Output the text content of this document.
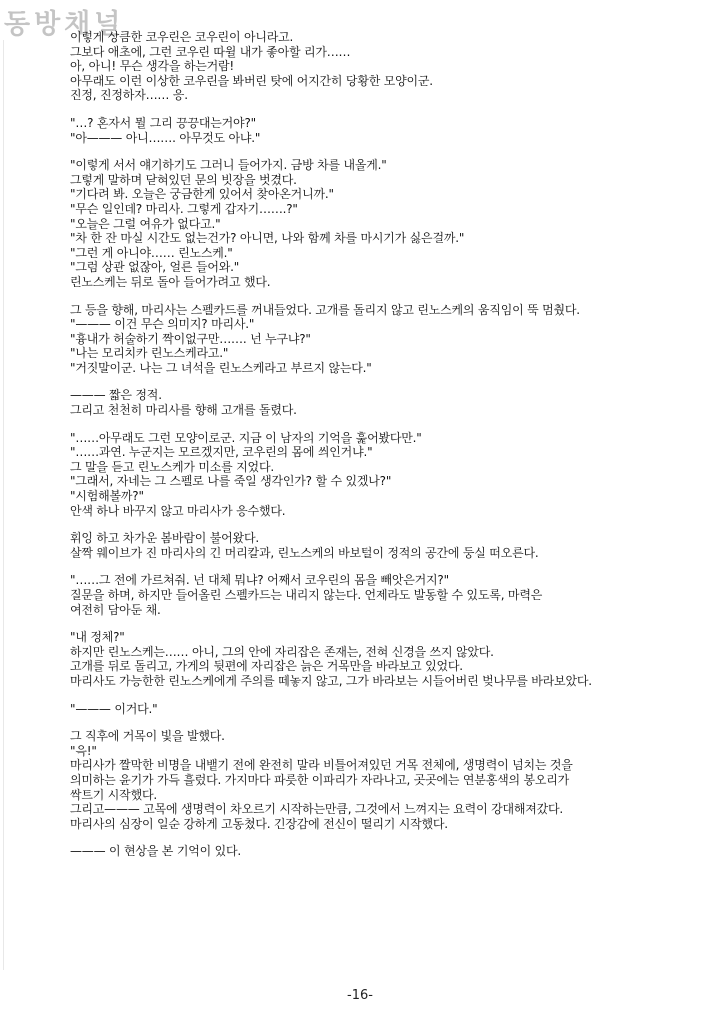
동방채널
이렇게 상큼한 코우린은 코우린이 아니라고.
그보다 애초에, 그런 코우린 따윌 내가 좋아할 리가……
아, 아니! 무슨 생각을 하는거람!
아무래도 이런 이상한 코우린을 봐버린 탓에 어지간히 당황한 모양이군.
진정, 진정하자…… 응.
"…? 혼자서 뭘 그리 끙끙대는거야?"
"아——— 아니……. 아무것도 아냐."
"이렇게 서서 얘기하기도 그러니 들어가지. 금방 차를 내올게."
그렇게 말하며 닫혀있던 문의 빗장을 벗겼다.
"기다려 봐. 오늘은 궁금한게 있어서 찾아온거니까."
"무슨 일인데? 마리사. 그렇게 갑자기…….?"
"오늘은 그럴 여유가 없다고."
"차 한 잔 마실 시간도 없는건가? 아니면, 나와 함께 차를 마시기가 싫은걸까."
"그런 게 아니야…… 린노스케."
"그럼 상관 없잖아, 얼른 들어와."
린노스케는 뒤로 돌아 들어가려고 했다.
그 등을 향해, 마리사는 스펠카드를 꺼내들었다. 고개를 돌리지 않고 린노스케의 움직임이 뚝 멈췄다.
"——— 이건 무슨 의미지? 마리사."
"흉내가 허술하기 짝이없구만……. 넌 누구냐?"
"나는 모리치카 린노스케라고."
"거짓말이군. 나는 그 녀석을 린노스케라고 부르지 않는다."
——— 짧은 정적.
그리고 천천히 마리사를 향해 고개를 돌렸다.
"……아무래도 그런 모양이로군. 지금 이 남자의 기억을 훑어봤다만."
"……과연. 누군지는 모르겠지만, 코우린의 몸에 씌인거냐."
그 말을 듣고 린노스케가 미소를 지었다.
"그래서, 자네는 그 스펠로 나를 죽일 생각인가? 할 수 있겠나?"
"시험해볼까?"
안색 하나 바꾸지 않고 마리사가 응수했다.
휘잉 하고 차가운 봄바람이 불어왔다.
살짝 웨이브가 진 마리사의 긴 머리칼과, 린노스케의 바보털이 정적의 공간에 둥실 떠오른다.
"……그 전에 가르쳐줘. 넌 대체 뭐냐? 어째서 코우린의 몸을 빼앗은거지?"
질문을 하며, 하지만 들어올린 스펠카드는 내리지 않는다. 언제라도 발동할 수 있도록, 마력은
여전히 담아둔 채.
"내 정체?"
하지만 린노스케는…… 아니, 그의 안에 자리잡은 존재는, 전혀 신경을 쓰지 않았다.
고개를 뒤로 돌리고, 가게의 뒷편에 자리잡은 늙은 거목만을 바라보고 있었다.
마리사도 가능한한 린노스케에게 주의를 떼놓지 않고, 그가 바라보는 시들어버린 벚나무를 바라보았다.
"——— 이거다."
그 직후에 거목이 빛을 발했다.
"윽!"
마리사가 짤막한 비명을 내뱉기 전에 완전히 말라 비틀어져있던 거목 전체에, 생명력이 넘치는 것을
의미하는 윤기가 가득 흘렀다. 가지마다 파릇한 이파리가 자라나고, 곳곳에는 연분홍색의 봉오리가
싹트기 시작했다.
그리고——— 고목에 생명력이 차오르기 시작하는만큼, 그것에서 느껴지는 요력이 강대해져갔다.
마리사의 심장이 일순 강하게 고동쳤다. 긴장감에 전신이 떨리기 시작했다.
——— 이 현상을 본 기억이 있다.
-16-
